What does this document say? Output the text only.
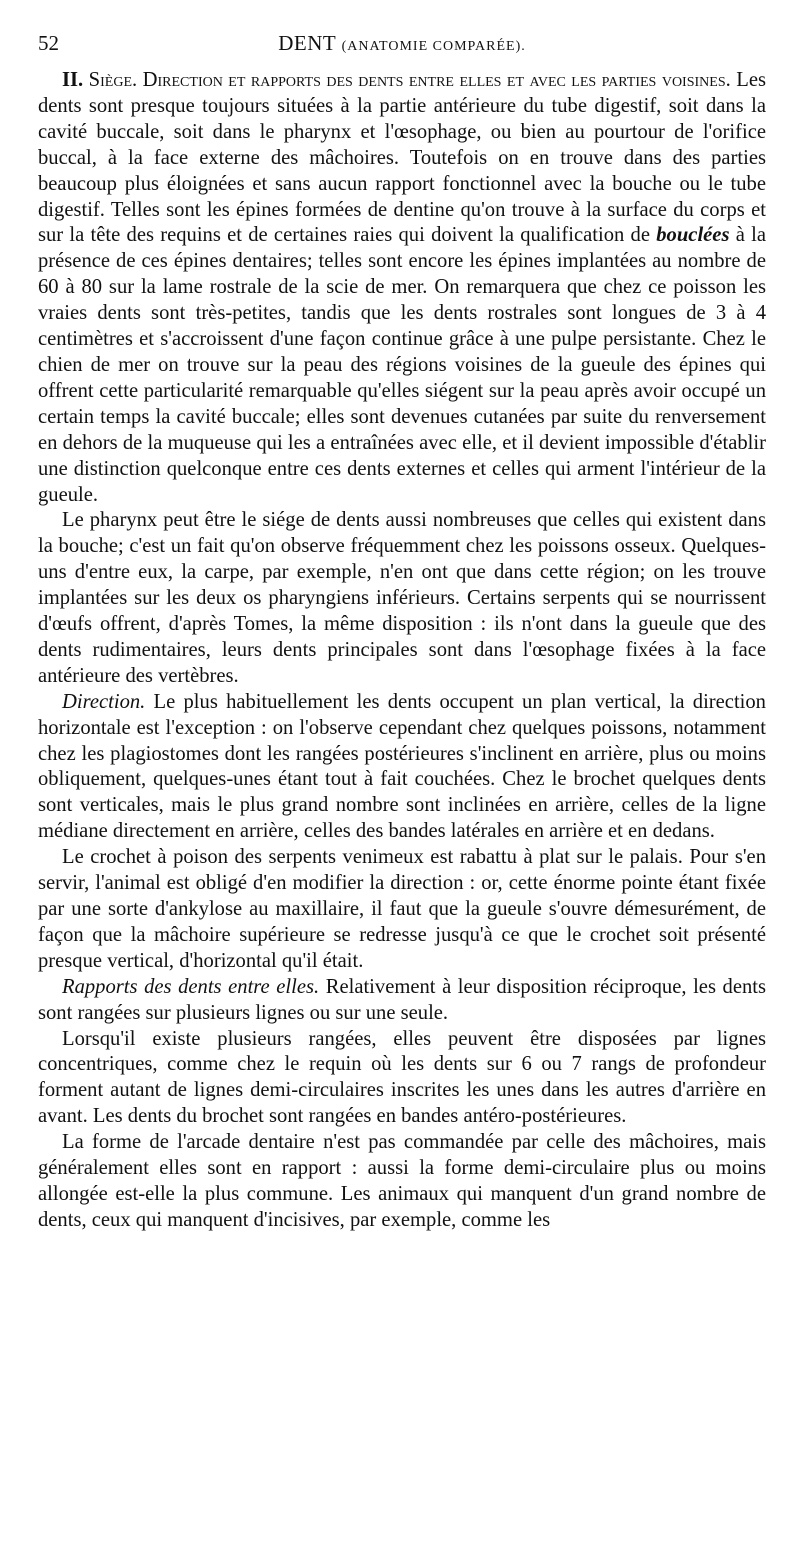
52	DENT (ANATOMIE COMPARÉE).

II. Siège. Direction et rapports des dents entre elles et avec les parties voisines. Les dents sont presque toujours situées à la partie antérieure du tube digestif, soit dans la cavité buccale, soit dans le pharynx et l'œsophage, ou bien au pourtour de l'orifice buccal, à la face externe des mâchoires. Toutefois on en trouve dans des parties beaucoup plus éloignées et sans aucun rapport fonctionnel avec la bouche ou le tube digestif. Telles sont les épines formées de dentine qu'on trouve à la surface du corps et sur la tête des requins et de certaines raies qui doivent la qualification de bouclées à la présence de ces épines dentaires; telles sont encore les épines implantées au nombre de 60 à 80 sur la lame rostrale de la scie de mer. On remarquera que chez ce poisson les vraies dents sont très-petites, tandis que les dents rostrales sont longues de 3 à 4 centimètres et s'accroissent d'une façon continue grâce à une pulpe persistante. Chez le chien de mer on trouve sur la peau des régions voisines de la gueule des épines qui offrent cette particularité remarquable qu'elles siégent sur la peau après avoir occupé un certain temps la cavité buccale; elles sont devenues cutanées par suite du renversement en dehors de la muqueuse qui les a entraînées avec elle, et il devient impossible d'établir une distinction quelconque entre ces dents externes et celles qui arment l'intérieur de la gueule.

Le pharynx peut être le siége de dents aussi nombreuses que celles qui existent dans la bouche; c'est un fait qu'on observe fréquemment chez les poissons osseux. Quelques-uns d'entre eux, la carpe, par exemple, n'en ont que dans cette région; on les trouve implantées sur les deux os pharyngiens inférieurs. Certains serpents qui se nourrissent d'œufs offrent, d'après Tomes, la même disposition : ils n'ont dans la gueule que des dents rudimentaires, leurs dents principales sont dans l'œsophage fixées à la face antérieure des vertèbres.

Direction. Le plus habituellement les dents occupent un plan vertical, la direction horizontale est l'exception : on l'observe cependant chez quelques poissons, notamment chez les plagiostomes dont les rangées postérieures s'inclinent en arrière, plus ou moins obliquement, quelques-unes étant tout à fait couchées. Chez le brochet quelques dents sont verticales, mais le plus grand nombre sont inclinées en arrière, celles de la ligne médiane directement en arrière, celles des bandes latérales en arrière et en dedans.

Le crochet à poison des serpents venimeux est rabattu à plat sur le palais. Pour s'en servir, l'animal est obligé d'en modifier la direction : or, cette énorme pointe étant fixée par une sorte d'ankylose au maxillaire, il faut que la gueule s'ouvre démesurément, de façon que la mâchoire supérieure se redresse jusqu'à ce que le crochet soit présenté presque vertical, d'horizontal qu'il était.

Rapports des dents entre elles. Relativement à leur disposition réciproque, les dents sont rangées sur plusieurs lignes ou sur une seule.

Lorsqu'il existe plusieurs rangées, elles peuvent être disposées par lignes concentriques, comme chez le requin où les dents sur 6 ou 7 rangs de profondeur forment autant de lignes demi-circulaires inscrites les unes dans les autres d'arrière en avant. Les dents du brochet sont rangées en bandes antéro-postérieures.

La forme de l'arcade dentaire n'est pas commandée par celle des mâchoires, mais généralement elles sont en rapport : aussi la forme demi-circulaire plus ou moins allongée est-elle la plus commune. Les animaux qui manquent d'un grand nombre de dents, ceux qui manquent d'incisives, par exemple, comme les
